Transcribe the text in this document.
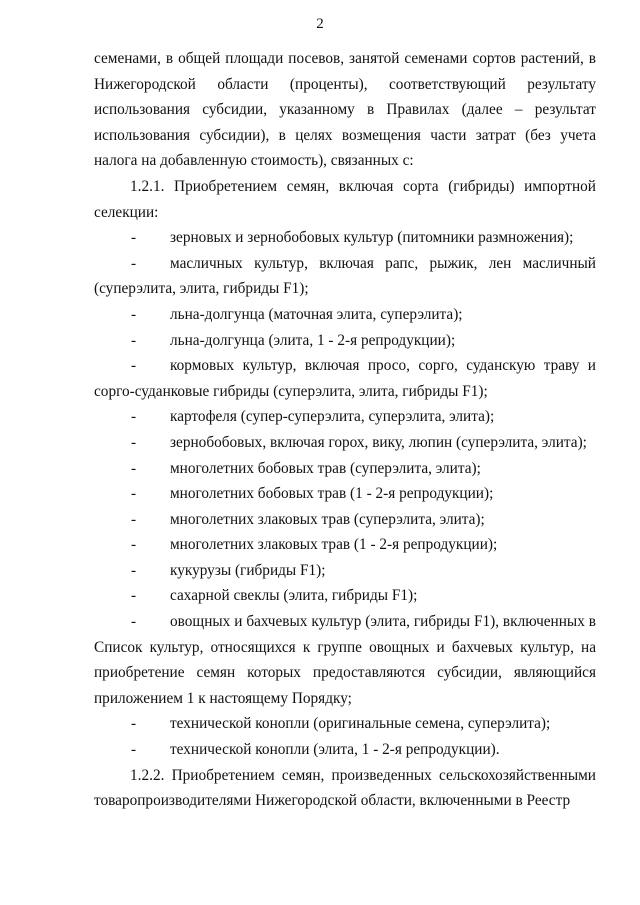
2

семенами, в общей площади посевов, занятой семенами сортов растений, в Нижегородской области (проценты), соответствующий результату использования субсидии, указанному в Правилах (далее – результат использования субсидии), в целях возмещения части затрат (без учета налога на добавленную стоимость), связанных с:

1.2.1. Приобретением семян, включая сорта (гибриды) импортной селекции:

- зерновых и зернобобовых культур (питомники размножения);

- масличных культур, включая рапс, рыжик, лен масличный (суперэлита, элита, гибриды F1);

- льна-долгунца (маточная элита, суперэлита);

- льна-долгунца (элита, 1 - 2-я репродукции);

- кормовых культур, включая просо, сорго, суданскую траву и сорго-суданковые гибриды (суперэлита, элита, гибриды F1);

- картофеля (супер-суперэлита, суперэлита, элита);

- зернобобовых, включая горох, вику, люпин (суперэлита, элита);

- многолетних бобовых трав (суперэлита, элита);

- многолетних бобовых трав (1 - 2-я репродукции);

- многолетних злаковых трав (суперэлита, элита);

- многолетних злаковых трав (1 - 2-я репродукции);

- кукурузы (гибриды F1);

- сахарной свеклы (элита, гибриды F1);

- овощных и бахчевых культур (элита, гибриды F1), включенных в Список культур, относящихся к группе овощных и бахчевых культур, на приобретение семян которых предоставляются субсидии, являющийся приложением 1 к настоящему Порядку;

- технической конопли (оригинальные семена, суперэлита);

- технической конопли (элита, 1 - 2-я репродукции).

1.2.2. Приобретением семян, произведенных сельскохозяйственными товаропроизводителями Нижегородской области, включенными в Реестр
